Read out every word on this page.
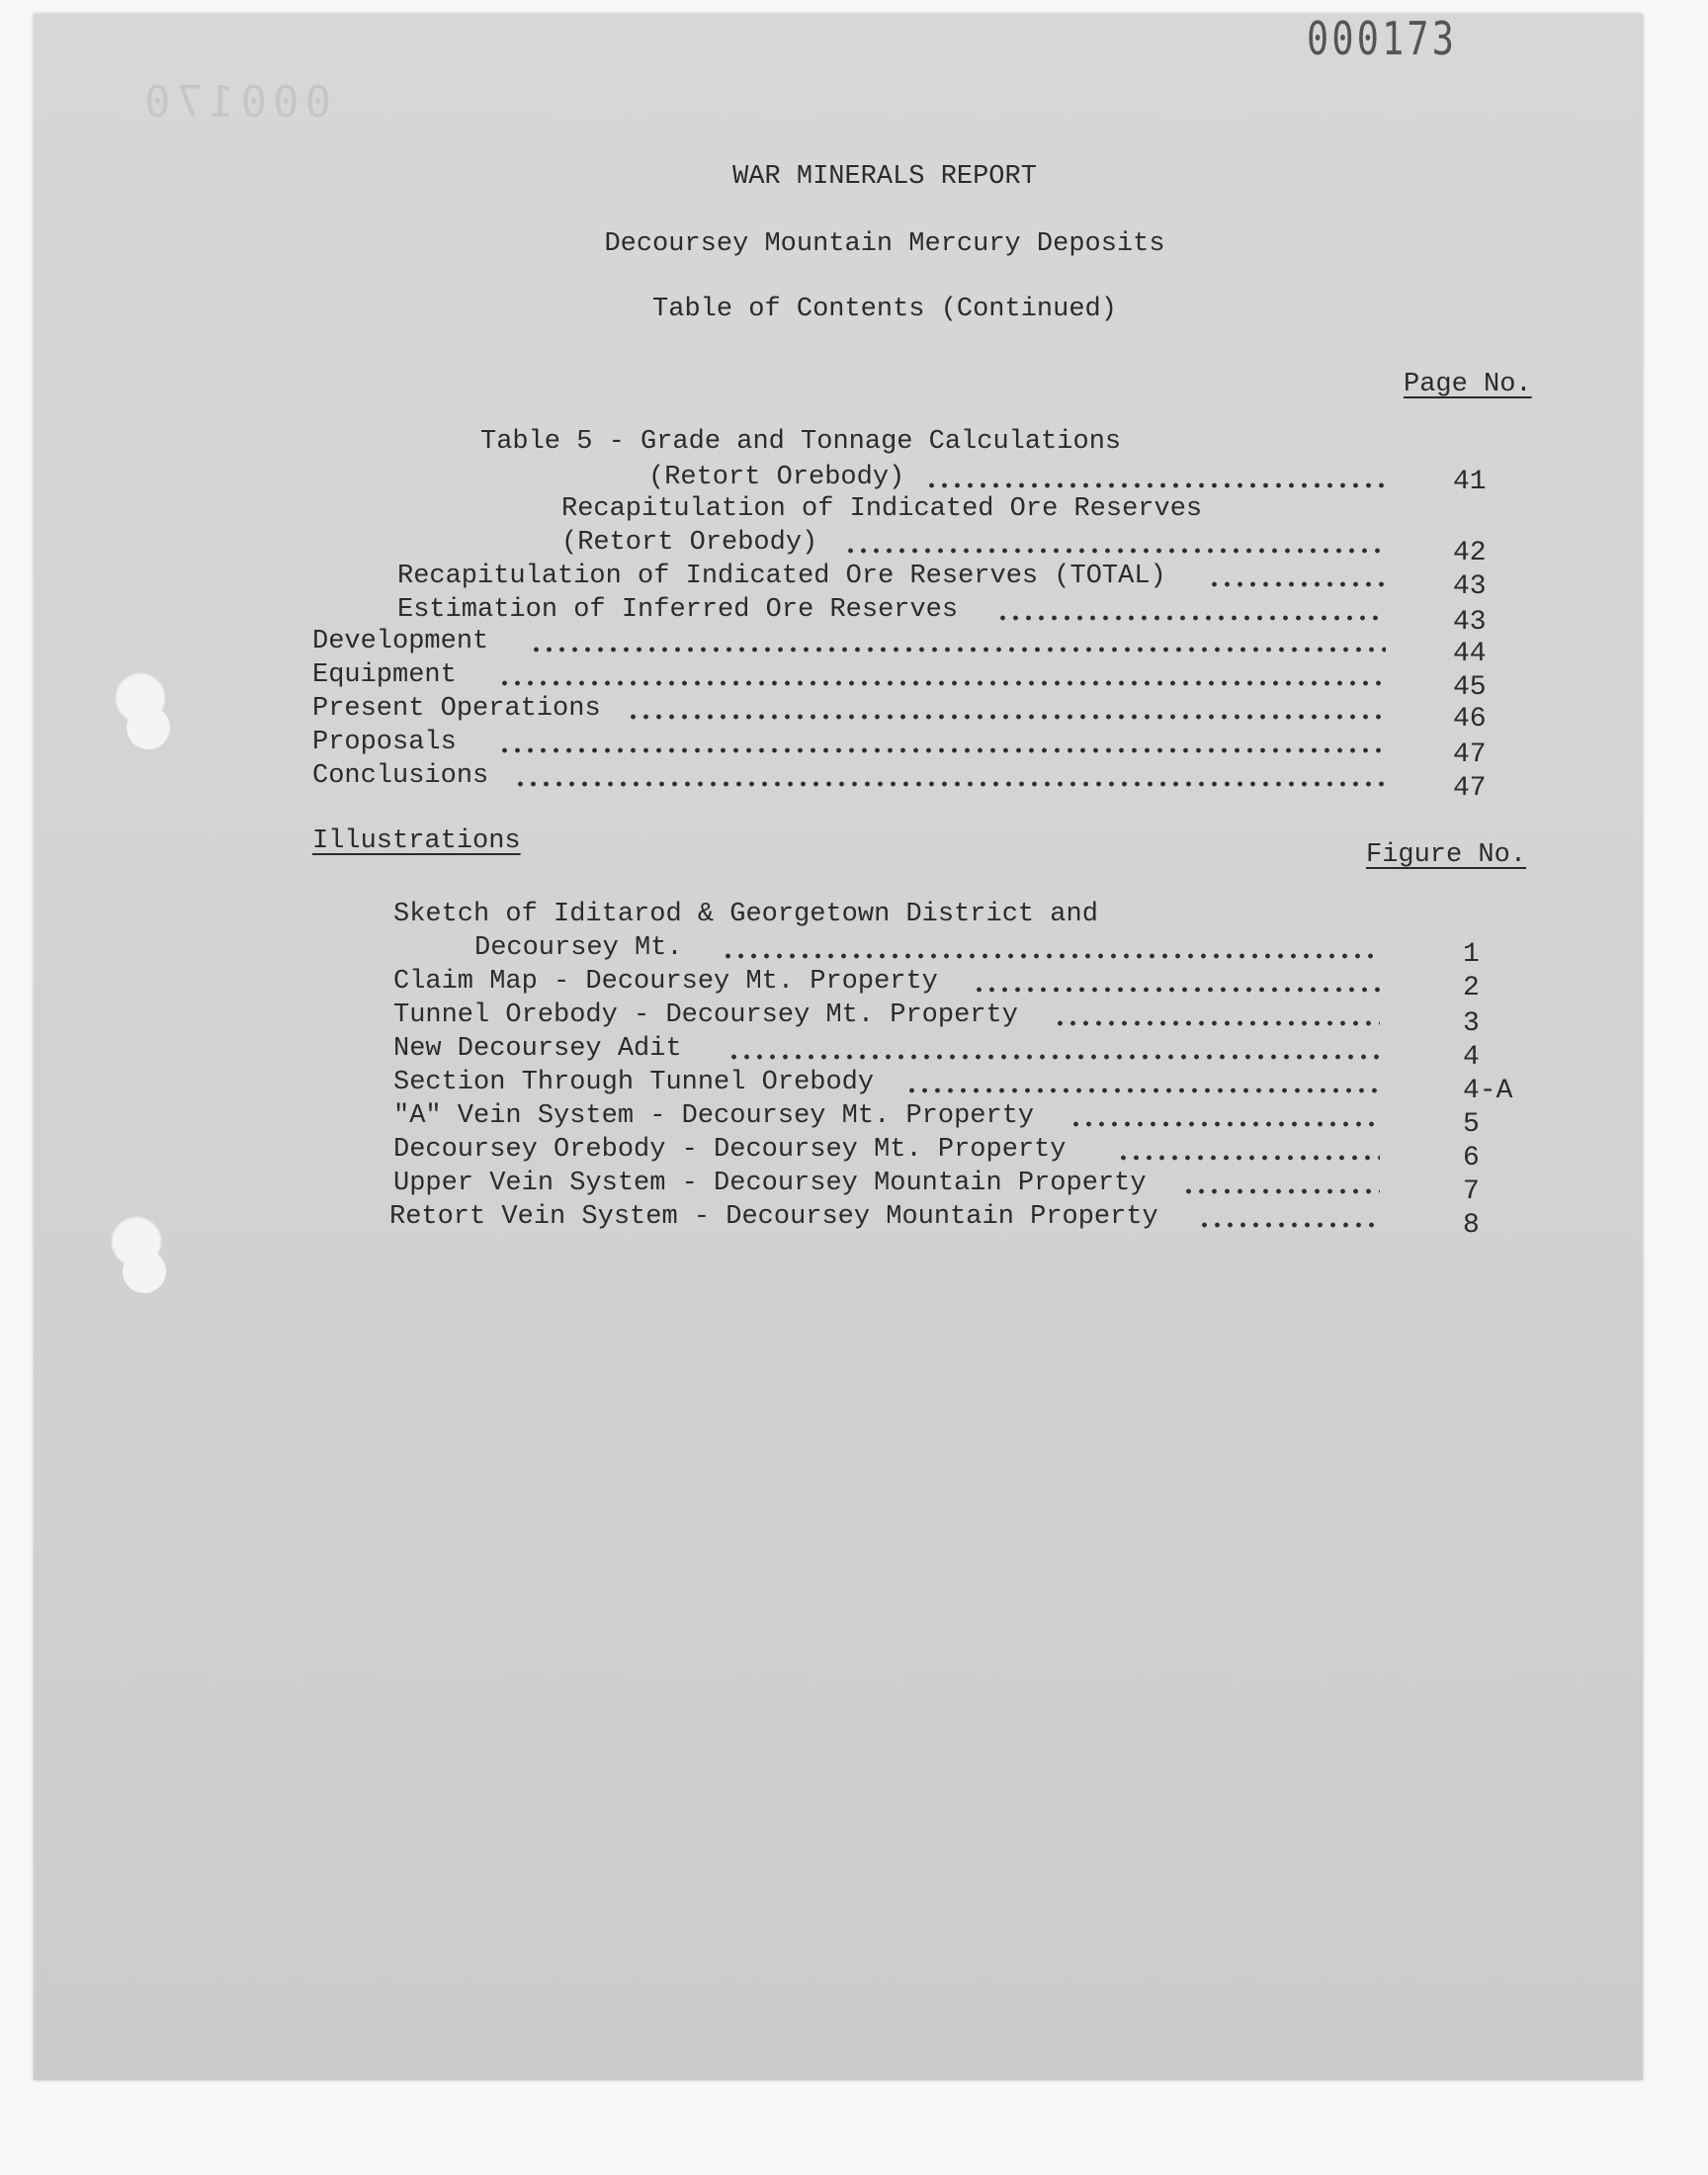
000173
000170
WAR MINERALS REPORT
Decoursey Mountain Mercury Deposits
Table of Contents (Continued)
Page No.
Table 5 - Grade and Tonnage Calculations
(Retort Orebody)	41
Recapitulation of Indicated Ore Reserves
(Retort Orebody)	42
Recapitulation of Indicated Ore Reserves (TOTAL)	43
Estimation of Inferred Ore Reserves	43
Development	44
Equipment	45
Present Operations	46
Proposals	47
Conclusions	47
Illustrations	Figure No.
Sketch of Iditarod & Georgetown District and
Decoursey Mt.	1
Claim Map - Decoursey Mt. Property	2
Tunnel Orebody - Decoursey Mt. Property	3
New Decoursey Adit	4
Section Through Tunnel Orebody	4-A
"A" Vein System - Decoursey Mt. Property	5
Decoursey Orebody - Decoursey Mt. Property	6
Upper Vein System - Decoursey Mountain Property	7
Retort Vein System - Decoursey Mountain Property	8
